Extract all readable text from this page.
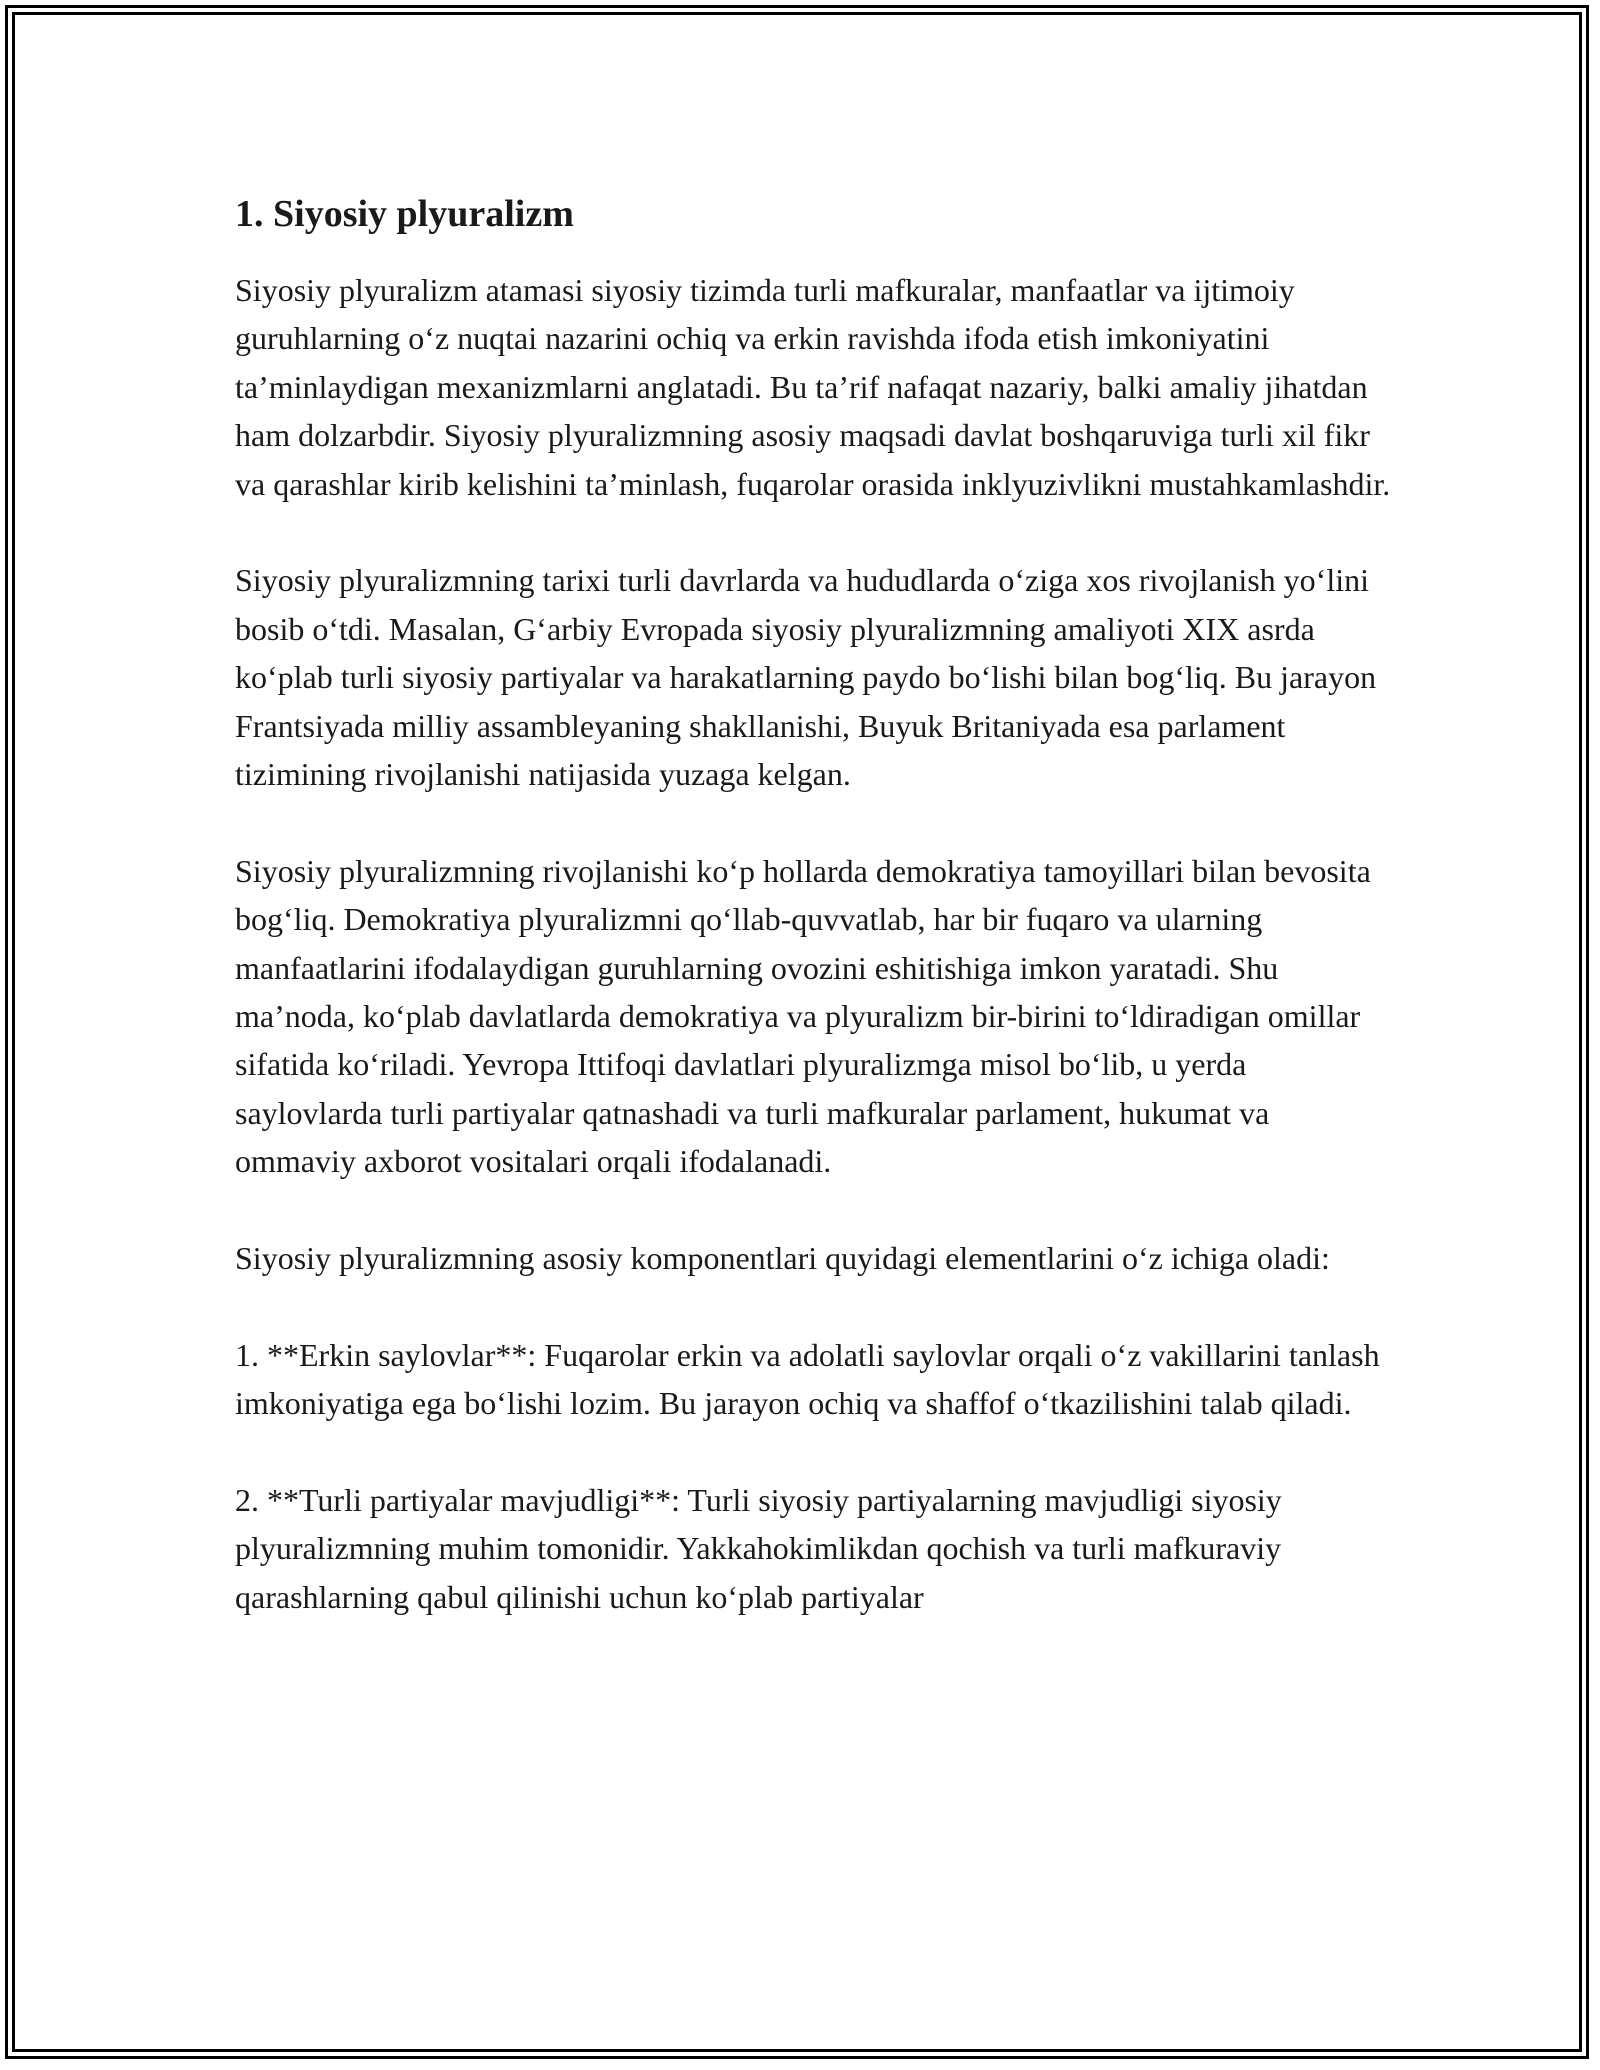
1. Siyosiy plyuralizm

Siyosiy plyuralizm atamasi siyosiy tizimda turli mafkuralar, manfaatlar va ijtimoiy guruhlarning o‘z nuqtai nazarini ochiq va erkin ravishda ifoda etish imkoniyatini ta’minlaydigan mexanizmlarni anglatadi. Bu ta’rif nafaqat nazariy, balki amaliy jihatdan ham dolzarbdir. Siyosiy plyuralizmning asosiy maqsadi davlat boshqaruviga turli xil fikr va qarashlar kirib kelishini ta’minlash, fuqarolar orasida inklyuzivlikni mustahkamlashdir.

Siyosiy plyuralizmning tarixi turli davrlarda va hududlarda o‘ziga xos rivojlanish yo‘lini bosib o‘tdi. Masalan, G‘arbiy Evropada siyosiy plyuralizmning amaliyoti XIX asrda ko‘plab turli siyosiy partiyalar va harakatlarning paydo bo‘lishi bilan bog‘liq. Bu jarayon Frantsiyada milliy assambleyaning shakllanishi, Buyuk Britaniyada esa parlament tizimining rivojlanishi natijasida yuzaga kelgan.

Siyosiy plyuralizmning rivojlanishi ko‘p hollarda demokratiya tamoyillari bilan bevosita bog‘liq. Demokratiya plyuralizmni qo‘llab-quvvatlab, har bir fuqaro va ularning manfaatlarini ifodalaydigan guruhlarning ovozini eshitishiga imkon yaratadi. Shu ma’noda, ko‘plab davlatlarda demokratiya va plyuralizm bir-birini to‘ldiradigan omillar sifatida ko‘riladi. Yevropa Ittifoqi davlatlari plyuralizmga misol bo‘lib, u yerda saylovlarda turli partiyalar qatnashadi va turli mafkuralar parlament, hukumat va ommaviy axborot vositalari orqali ifodalanadi.

Siyosiy plyuralizmning asosiy komponentlari quyidagi elementlarini o‘z ichiga oladi:

1. **Erkin saylovlar**: Fuqarolar erkin va adolatli saylovlar orqali o‘z vakillarini tanlash imkoniyatiga ega bo‘lishi lozim. Bu jarayon ochiq va shaffof o‘tkazilishini talab qiladi.

2. **Turli partiyalar mavjudligi**: Turli siyosiy partiyalarning mavjudligi siyosiy plyuralizmning muhim tomonidir. Yakkahokimlikdan qochish va turli mafkuraviy qarashlarning qabul qilinishi uchun ko‘plab partiyalar
